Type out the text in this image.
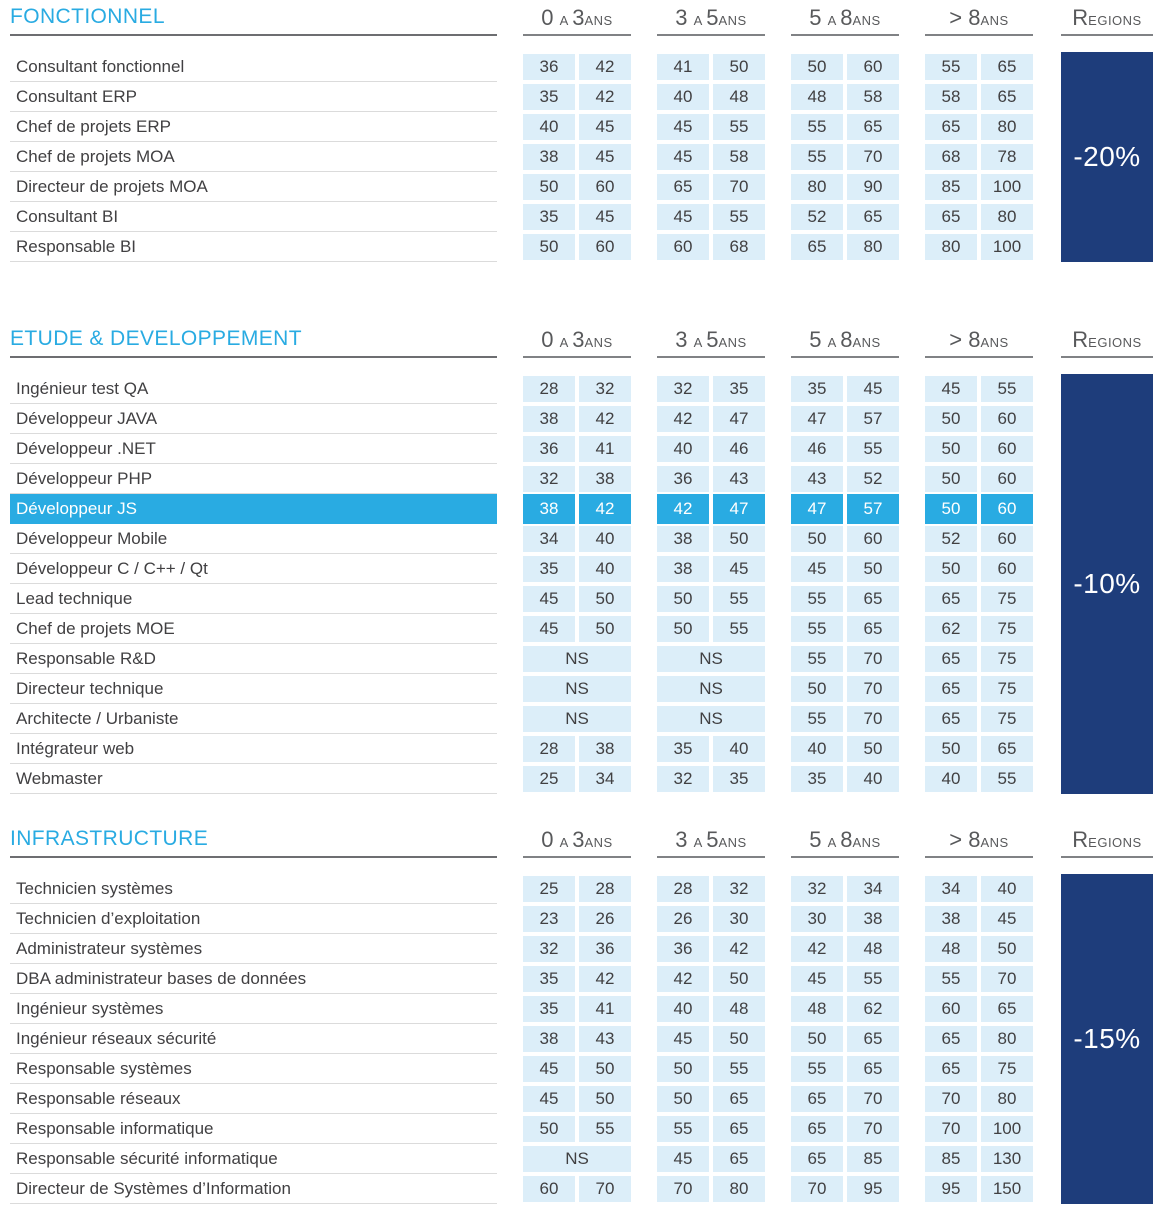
FONCTIONNEL	0 A 3ANS	3 A 5ANS	5 A 8ANS	> 8ANS	REGIONS
Consultant fonctionnel	36	42	41	50	50	60	55	65
Consultant ERP	35	42	40	48	48	58	58	65
Chef de projets ERP	40	45	45	55	55	65	65	80
Chef de projets MOA	38	45	45	58	55	70	68	78
Directeur de projets MOA	50	60	65	70	80	90	85	100
Consultant BI	35	45	45	55	52	65	65	80
Responsable BI	50	60	60	68	65	80	80	100
-20%
ETUDE & DEVELOPPEMENT	0 A 3ANS	3 A 5ANS	5 A 8ANS	> 8ANS	REGIONS
Ingénieur test QA	28	32	32	35	35	45	45	55
Développeur JAVA	38	42	42	47	47	57	50	60
Développeur .NET	36	41	40	46	46	55	50	60
Développeur PHP	32	38	36	43	43	52	50	60
Développeur JS	38	42	42	47	47	57	50	60
Développeur Mobile	34	40	38	50	50	60	52	60
Développeur C / C++ / Qt	35	40	38	45	45	50	50	60
Lead technique	45	50	50	55	55	65	65	75
Chef de projets MOE	45	50	50	55	55	65	62	75
Responsable R&D	NS	NS	55	70	65	75
Directeur technique	NS	NS	50	70	65	75
Architecte / Urbaniste	NS	NS	55	70	65	75
Intégrateur web	28	38	35	40	40	50	50	65
Webmaster	25	34	32	35	35	40	40	55
-10%
INFRASTRUCTURE	0 A 3ANS	3 A 5ANS	5 A 8ANS	> 8ANS	REGIONS
Technicien systèmes	25	28	28	32	32	34	34	40
Technicien d’exploitation	23	26	26	30	30	38	38	45
Administrateur systèmes	32	36	36	42	42	48	48	50
DBA administrateur bases de données	35	42	42	50	45	55	55	70
Ingénieur systèmes	35	41	40	48	48	62	60	65
Ingénieur réseaux sécurité	38	43	45	50	50	65	65	80
Responsable systèmes	45	50	50	55	55	65	65	75
Responsable réseaux	45	50	50	65	65	70	70	80
Responsable informatique	50	55	55	65	65	70	70	100
Responsable sécurité informatique	NS	45	65	65	85	85	130
Directeur de Systèmes d’Information	60	70	70	80	70	95	95	150
-15%
